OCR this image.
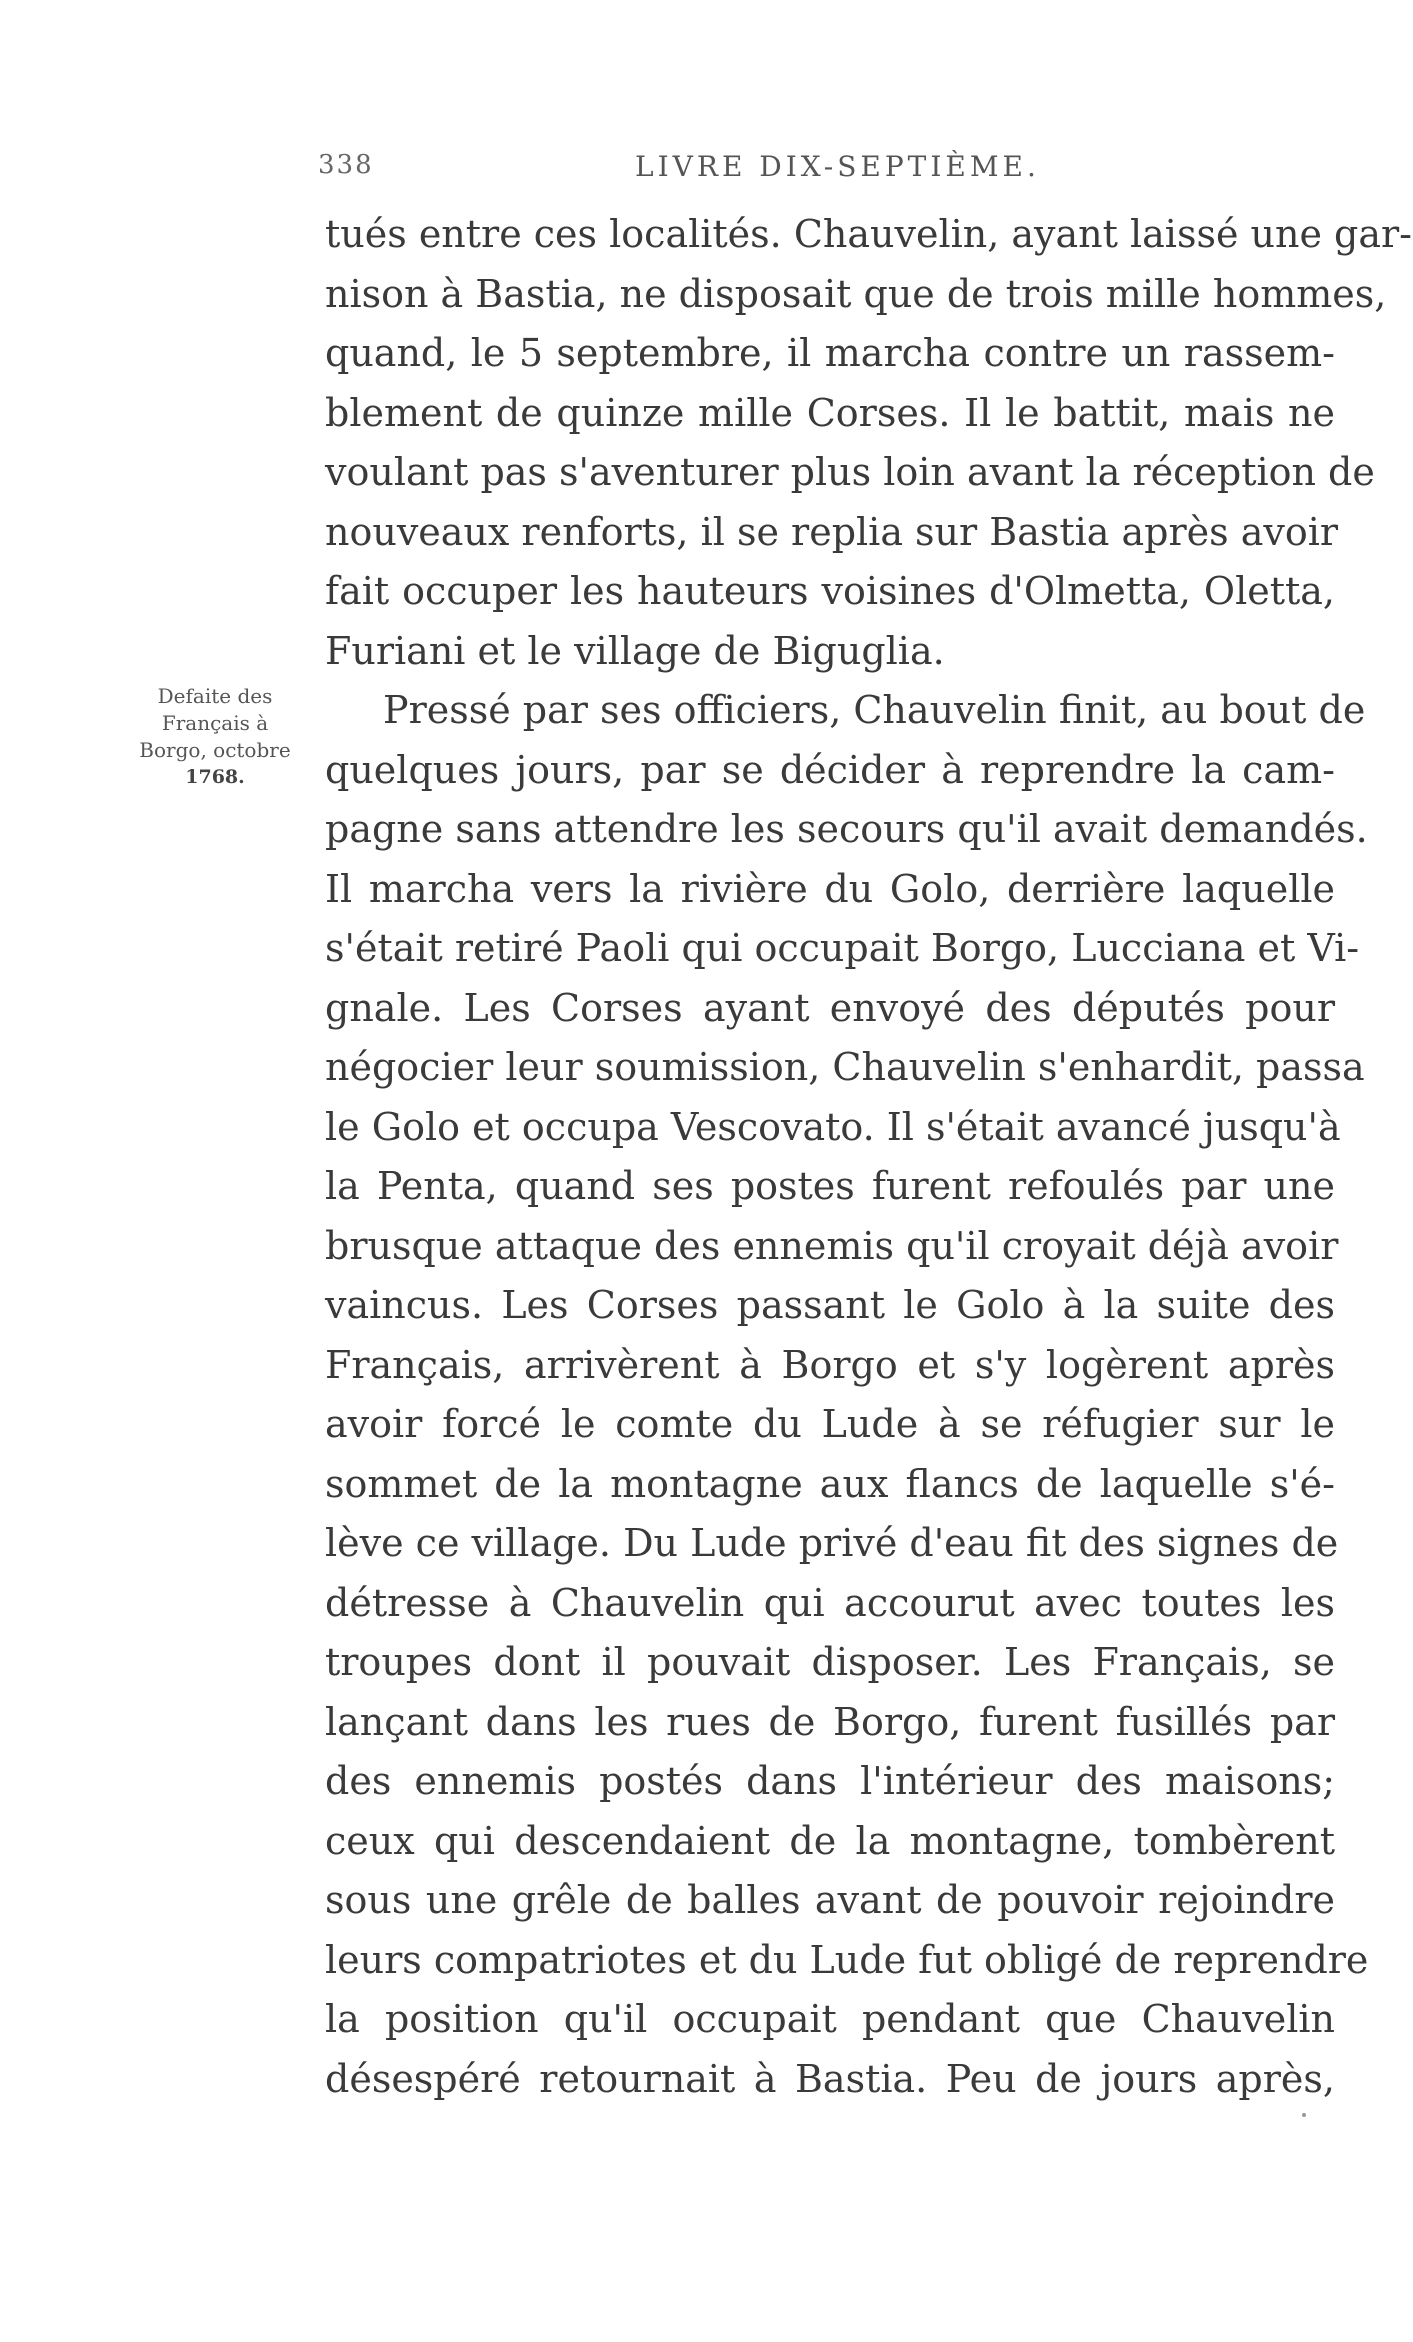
338	LIVRE DIX-SEPTIÈME.
Defaite des
Français à
Borgo, octobre
1768.
tués entre ces localités. Chauvelin, ayant laissé une gar-
nison à Bastia, ne disposait que de trois mille hommes,
quand, le 5 septembre, il marcha contre un rassem-
blement de quinze mille Corses. Il le battit, mais ne
voulant pas s'aventurer plus loin avant la réception de
nouveaux renforts, il se replia sur Bastia après avoir
fait occuper les hauteurs voisines d'Olmetta, Oletta,
Furiani et le village de Biguglia.
Pressé par ses officiers, Chauvelin finit, au bout de
quelques jours, par se décider à reprendre la cam-
pagne sans attendre les secours qu'il avait demandés.
Il marcha vers la rivière du Golo, derrière laquelle
s'était retiré Paoli qui occupait Borgo, Lucciana et Vi-
gnale. Les Corses ayant envoyé des députés pour
négocier leur soumission, Chauvelin s'enhardit, passa
le Golo et occupa Vescovato. Il s'était avancé jusqu'à
la Penta, quand ses postes furent refoulés par une
brusque attaque des ennemis qu'il croyait déjà avoir
vaincus. Les Corses passant le Golo à la suite des
Français, arrivèrent à Borgo et s'y logèrent après
avoir forcé le comte du Lude à se réfugier sur le
sommet de la montagne aux flancs de laquelle s'é-
lève ce village. Du Lude privé d'eau fit des signes de
détresse à Chauvelin qui accourut avec toutes les
troupes dont il pouvait disposer. Les Français, se
lançant dans les rues de Borgo, furent fusillés par
des ennemis postés dans l'intérieur des maisons;
ceux qui descendaient de la montagne, tombèrent
sous une grêle de balles avant de pouvoir rejoindre
leurs compatriotes et du Lude fut obligé de reprendre
la position qu'il occupait pendant que Chauvelin
désespéré retournait à Bastia. Peu de jours après,
